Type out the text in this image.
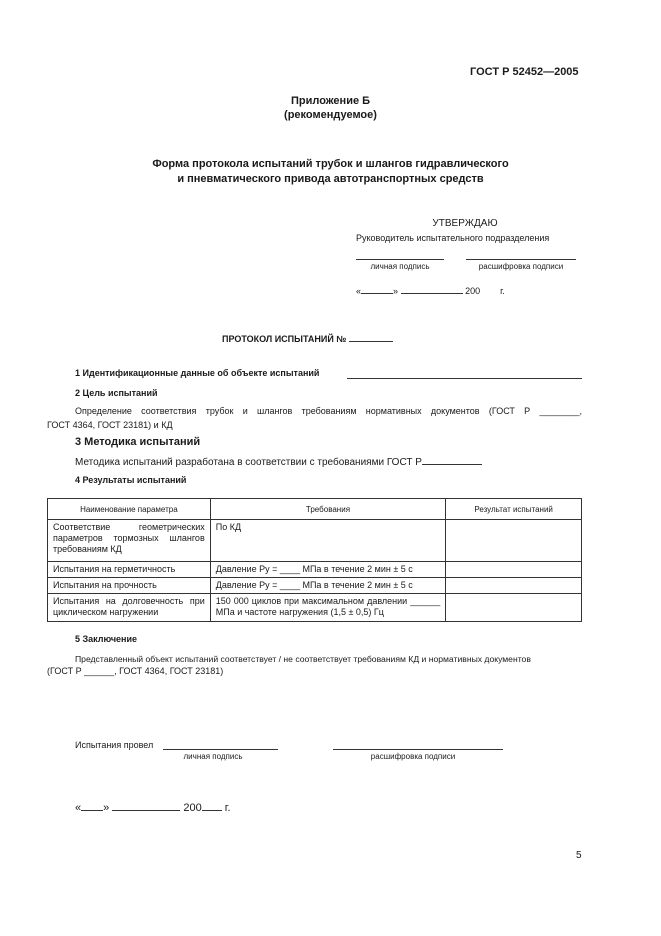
ГОСТ Р 52452—2005
Приложение Б
(рекомендуемое)
Форма протокола испытаний трубок и шлангов гидравлического
и пневматического привода автотранспортных средств
УТВЕРЖДАЮ
Руководитель испытательного подразделения
личная подпись	расшифровка подписи
«	»	200 г.
ПРОТОКОЛ ИСПЫТАНИЙ №
1 Идентификационные данные об объекте испытаний
2 Цель испытаний
Определение соответствия трубок и шлангов требованиям нормативных документов (ГОСТ Р ________,
ГОСТ 4364, ГОСТ 23181) и КД
3 Методика испытаний
Методика испытаний разработана в соответствии с требованиями ГОСТ Р
4 Результаты испытаний
Наименование параметра	Требования	Результат испытаний
Соответствие геометрических параметров тормозных шлангов требованиям КД	По КД	
Испытания на герметичность	Давление Pу = ____ МПа в течение 2 мин ± 5 с	
Испытания на прочность	Давление Pу = ____ МПа в течение 2 мин ± 5 с	
Испытания на долговечность при циклическом нагружении	150 000 циклов при максимальном давлении ______ МПа и частоте нагружения (1,5 ± 0,5) Гц	
5 Заключение
Представленный объект испытаний соответствует / не соответствует требованиям КД и нормативных документов
(ГОСТ Р ______, ГОСТ 4364, ГОСТ 23181)
Испытания провел
личная подпись	расшифровка подписи
« »	200 г.
5
